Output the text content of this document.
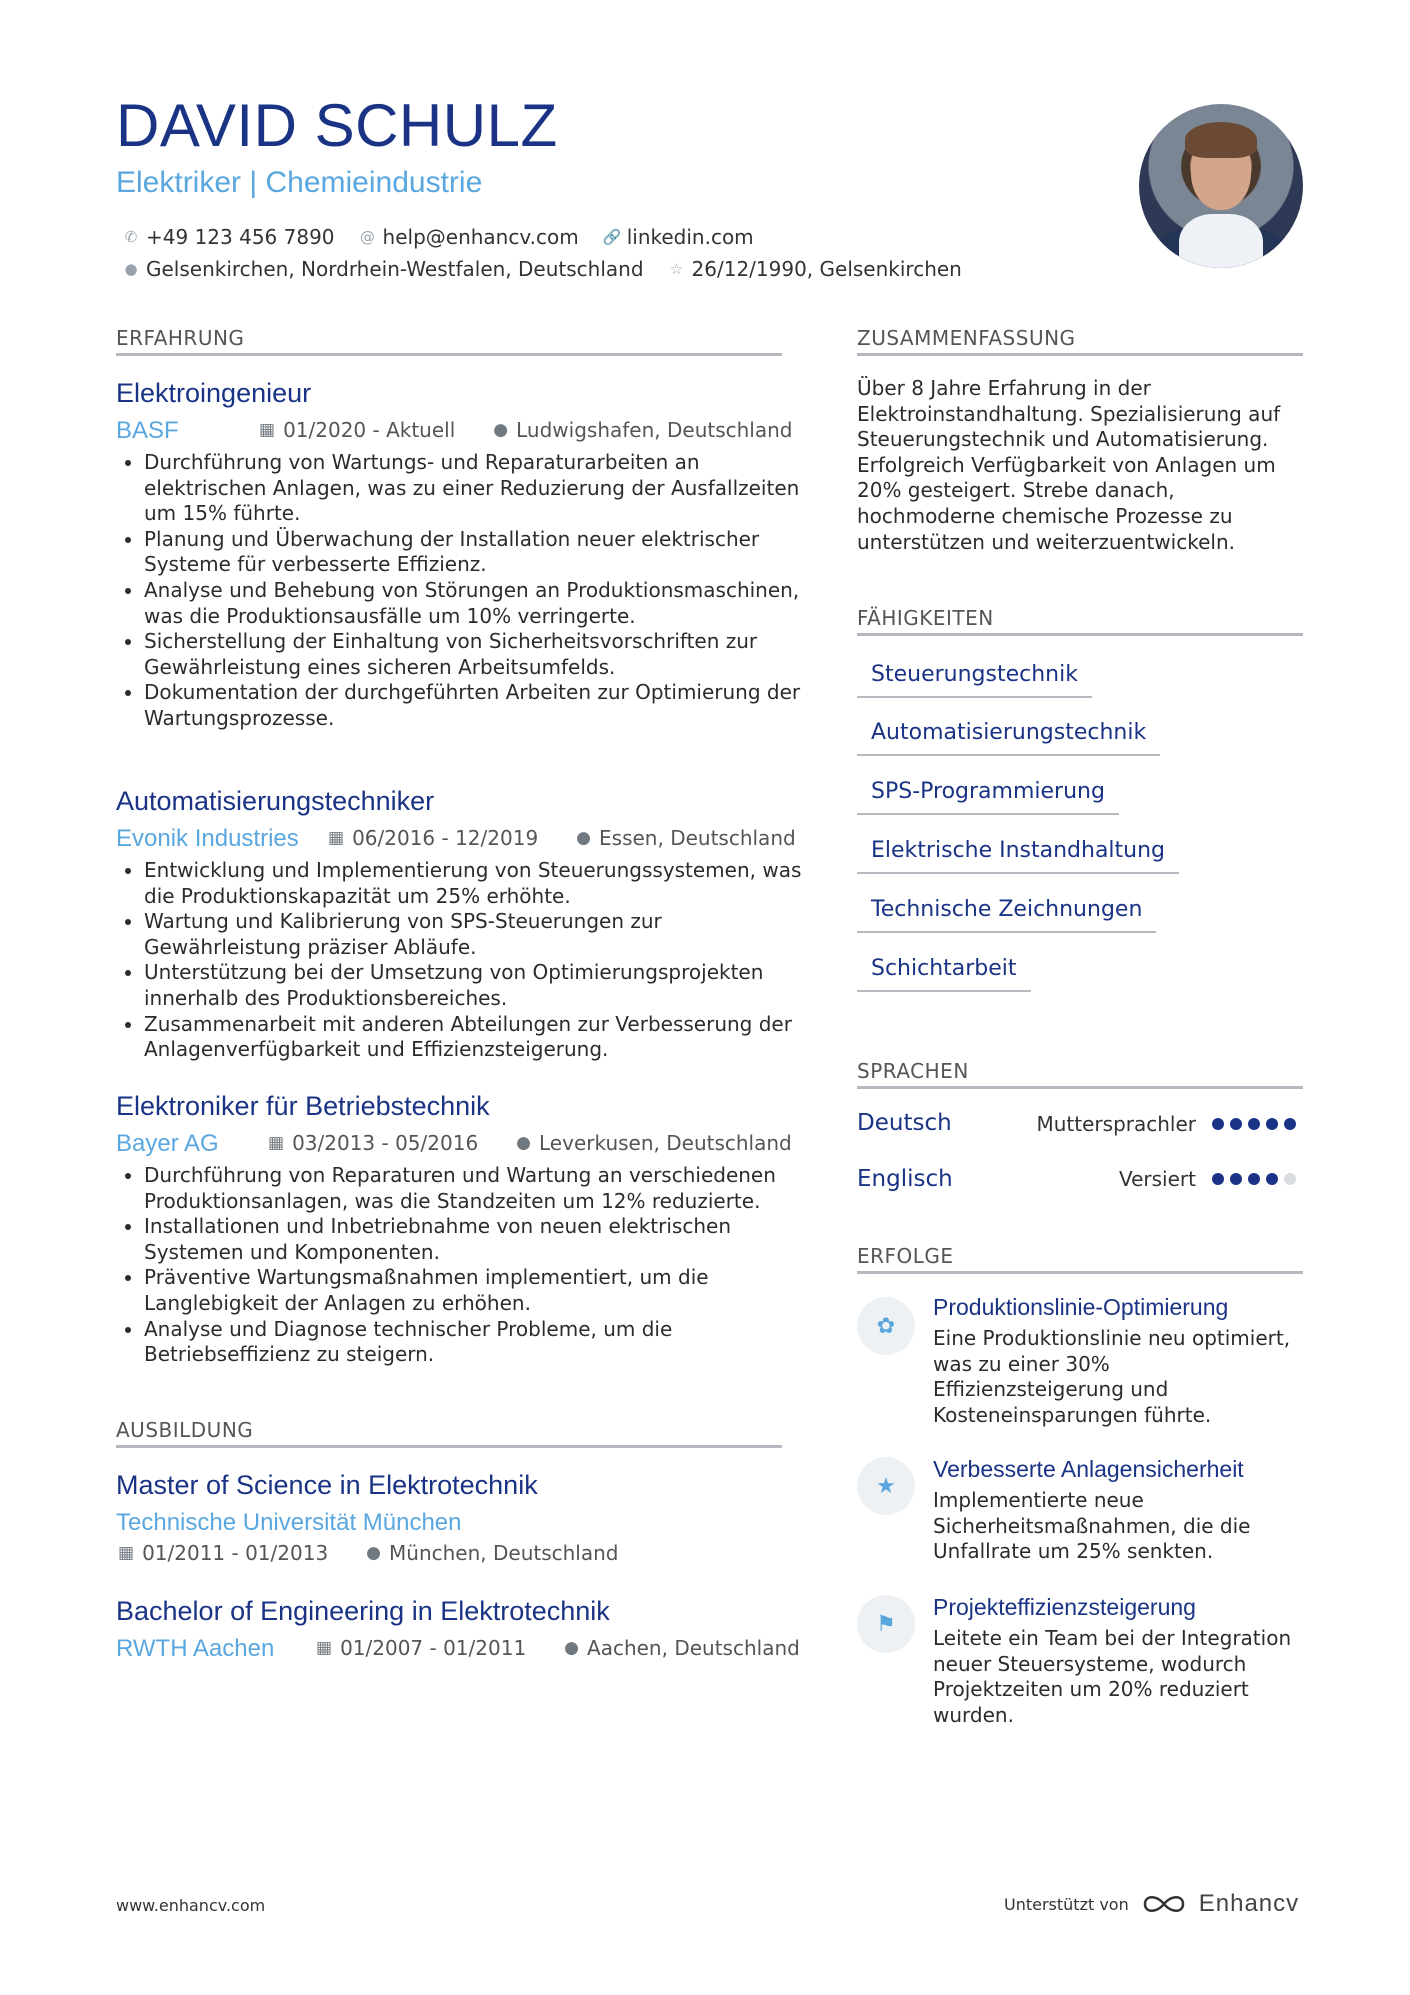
DAVID SCHULZ
Elektriker | Chemieindustrie
✆ +49 123 456 7890 @ help@enhancv.com 🔗 linkedin.com
● Gelsenkirchen, Nordrhein-Westfalen, Deutschland ☆ 26/12/1990, Gelsenkirchen
ERFAHRUNG
Elektroingenieur
BASF	▦ 01/2020 - Aktuell ● Ludwigshafen, Deutschland
• Durchführung von Wartungs- und Reparaturarbeiten an elektrischen Anlagen, was zu einer Reduzierung der Ausfallzeiten um 15% führte.
• Planung und Überwachung der Installation neuer elektrischer Systeme für verbesserte Effizienz.
• Analyse und Behebung von Störungen an Produktionsmaschinen, was die Produktionsausfälle um 10% verringerte.
• Sicherstellung der Einhaltung von Sicherheitsvorschriften zur Gewährleistung eines sicheren Arbeitsumfelds.
• Dokumentation der durchgeführten Arbeiten zur Optimierung der Wartungsprozesse.
Automatisierungstechniker
Evonik Industries ▦ 06/2016 - 12/2019 ● Essen, Deutschland
• Entwicklung und Implementierung von Steuerungssystemen, was die Produktionskapazität um 25% erhöhte.
• Wartung und Kalibrierung von SPS-Steuerungen zur Gewährleistung präziser Abläufe.
• Unterstützung bei der Umsetzung von Optimierungsprojekten innerhalb des Produktionsbereiches.
• Zusammenarbeit mit anderen Abteilungen zur Verbesserung der Anlagenverfügbarkeit und Effizienzsteigerung.
Elektroniker für Betriebstechnik
Bayer AG	▦ 03/2013 - 05/2016 ● Leverkusen, Deutschland
• Durchführung von Reparaturen und Wartung an verschiedenen Produktionsanlagen, was die Standzeiten um 12% reduzierte.
• Installationen und Inbetriebnahme von neuen elektrischen Systemen und Komponenten.
• Präventive Wartungsmaßnahmen implementiert, um die Langlebigkeit der Anlagen zu erhöhen.
• Analyse und Diagnose technischer Probleme, um die Betriebseffizienz zu steigern.
AUSBILDUNG
Master of Science in Elektrotechnik
Technische Universität München
▦ 01/2011 - 01/2013 ● München, Deutschland
Bachelor of Engineering in Elektrotechnik
RWTH Aachen ▦ 01/2007 - 01/2011 ● Aachen, Deutschland
ZUSAMMENFASSUNG

Über 8 Jahre Erfahrung in der Elektroinstandhaltung. Spezialisierung auf Steuerungstechnik und Automatisierung. Erfolgreich Verfügbarkeit von Anlagen um 20% gesteigert. Strebe danach, hochmoderne chemische Prozesse zu unterstützen und weiterzuentwickeln.

FÄHIGKEITEN
Steuerungstechnik
Automatisierungstechnik
SPS-Programmierung
Elektrische Instandhaltung
Technische Zeichnungen
Schichtarbeit
SPRACHEN
Deutsch	Muttersprachler
Englisch	Versiert
ERFOLGE
✿
Produktionslinie-Optimierung

Eine Produktionslinie neu optimiert, was zu einer 30% Effizienzsteigerung und Kosteneinsparungen führte.

★
Verbesserte Anlagensicherheit

Implementierte neue Sicherheitsmaßnahmen, die die Unfallrate um 25% senkten.

⚑
Projekteffizienzsteigerung

Leitete ein Team bei der Integration neuer Steuersysteme, wodurch Projektzeiten um 20% reduziert wurden.

www.enhancv.com	Unterstützt von	Enhancv
